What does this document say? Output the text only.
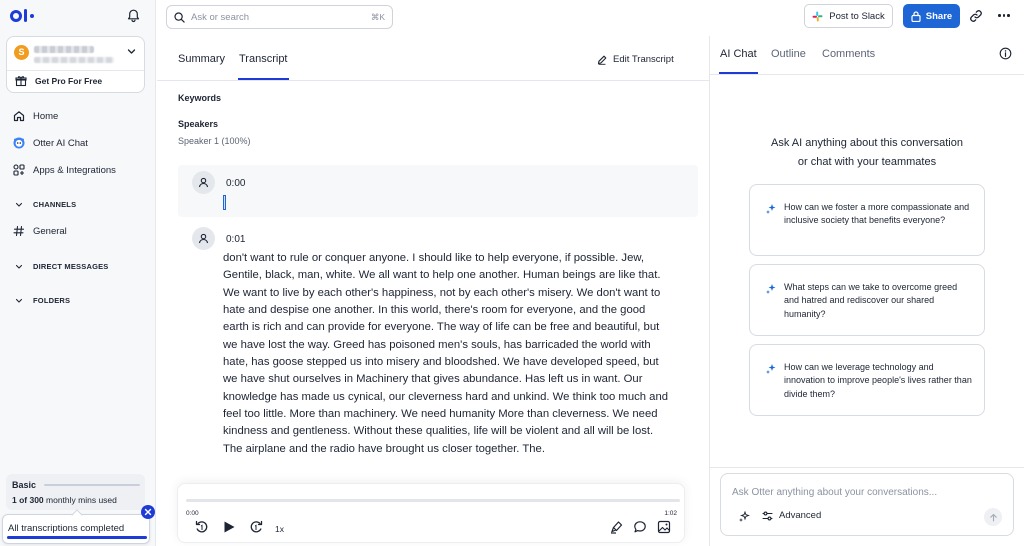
S
Get Pro For Free
Home
Otter AI Chat
Apps & Integrations
CHANNELS
General
DIRECT MESSAGES
FOLDERS
Basic
1 of 300 monthly mins used
All transcriptions completed
Ask or search
⌘K	Post to Slack	Share
Summary Transcript	Edit Transcript
Keywords
Speakers
Speaker 1 (100%)
0:00
0:01
don't want to rule or conquer anyone. I should like to help everyone, if possible. Jew, Gentile, black, man, white. We all want to help one another. Human beings are like that. We want to live by each other's happiness, not by each other's misery. We don't want to hate and despise one another. In this world, there's room for everyone, and the good earth is rich and can provide for everyone. The way of life can be free and beautiful, but we have lost the way. Greed has poisoned men's souls, has barricaded the world with hate, has goose stepped us into misery and bloodshed. We have developed speed, but we have shut ourselves in Machinery that gives abundance. Has left us in want. Our knowledge has made us cynical, our cleverness hard and unkind. We think too much and feel too little. More than machinery. We need humanity More than cleverness. We need kindness and gentleness. Without these qualities, life will be violent and all will be lost. The airplane and the radio have brought us closer together. The.
0:00	1:02
1x
AI Chat Outline Comments
Ask AI anything about this conversation
or chat with your teammates
How can we foster a more compassionate and inclusive society that benefits everyone?
What steps can we take to overcome greed and hatred and rediscover our shared humanity?
How can we leverage technology and innovation to improve people's lives rather than divide them?
Ask Otter anything about your conversations...
Advanced
